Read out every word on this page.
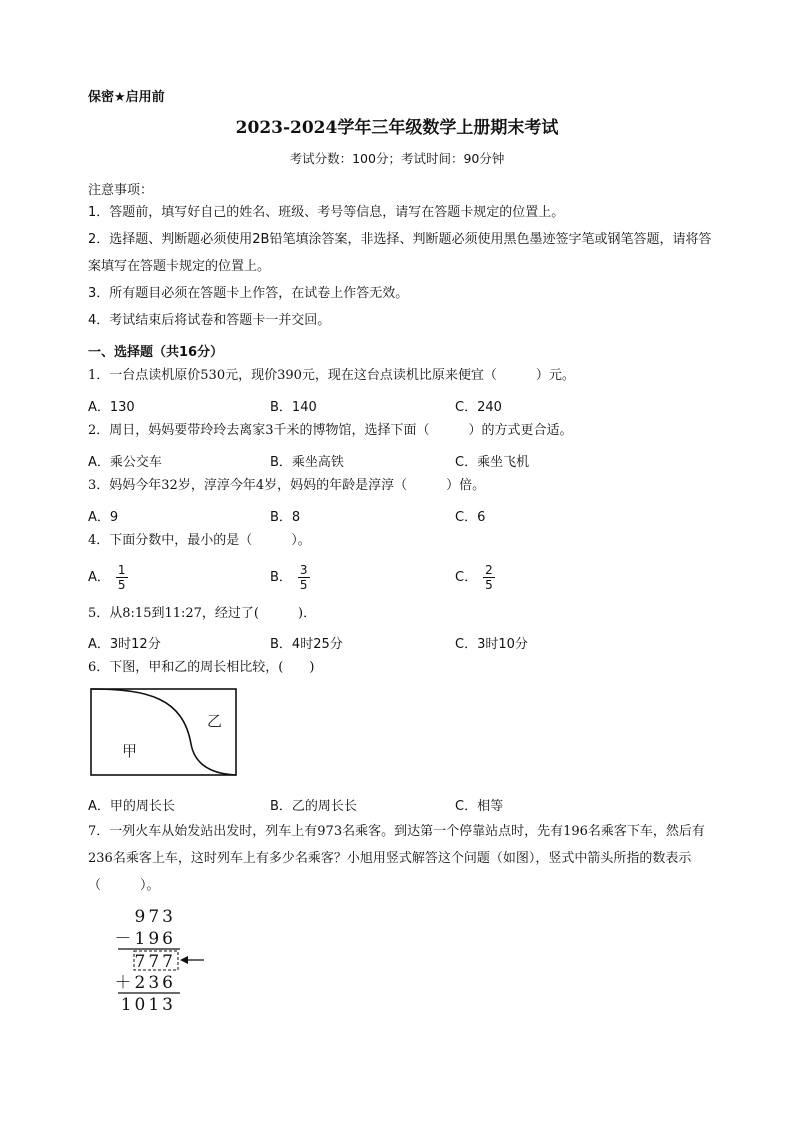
保密★启用前
2023-2024学年三年级数学上册期末考试
考试分数：100分；考试时间：90分钟
注意事项：
1．答题前，填写好自己的姓名、班级、考号等信息，请写在答题卡规定的位置上。
2．选择题、判断题必须使用2B铅笔填涂答案，非选择、判断题必须使用黑色墨迹签字笔或钢笔答题，请将答案填写在答题卡规定的位置上。
3．所有题目必须在答题卡上作答，在试卷上作答无效。
4．考试结束后将试卷和答题卡一并交回。
一、选择题（共16分）
1．一台点读机原价530元，现价390元，现在这台点读机比原来便宜（　　　）元。
A．130	B．140	C．240
2．周日，妈妈要带玲玲去离家3千米的博物馆，选择下面（　　　）的方式更合适。
A．乘公交车	B．乘坐高铁	C．乘坐飞机
3．妈妈今年32岁，淳淳今年4岁，妈妈的年龄是淳淳（　　　）倍。
A．9	B．8	C．6
4．下面分数中，最小的是（　　　）。
A． $\frac{1}{5}$	B． $\frac{3}{5}$	C． $\frac{2}{5}$
5．从8:15到11:27，经过了(　　　)．
A．3时12分	B．4时25分	C．3时10分
6．下图，甲和乙的周长相比较，(　　)
甲
乙
A．甲的周长长	B．乙的周长长	C．相等
7．一列火车从始发站出发时，列车上有973名乘客。到达第一个停靠站点时，先有196名乘客下车，然后有236名乘客上车，这时列车上有多少名乘客？小旭用竖式解答这个问题（如图），竖式中箭头所指的数表示（　　　）。
973
－196
777
＋236
1013
